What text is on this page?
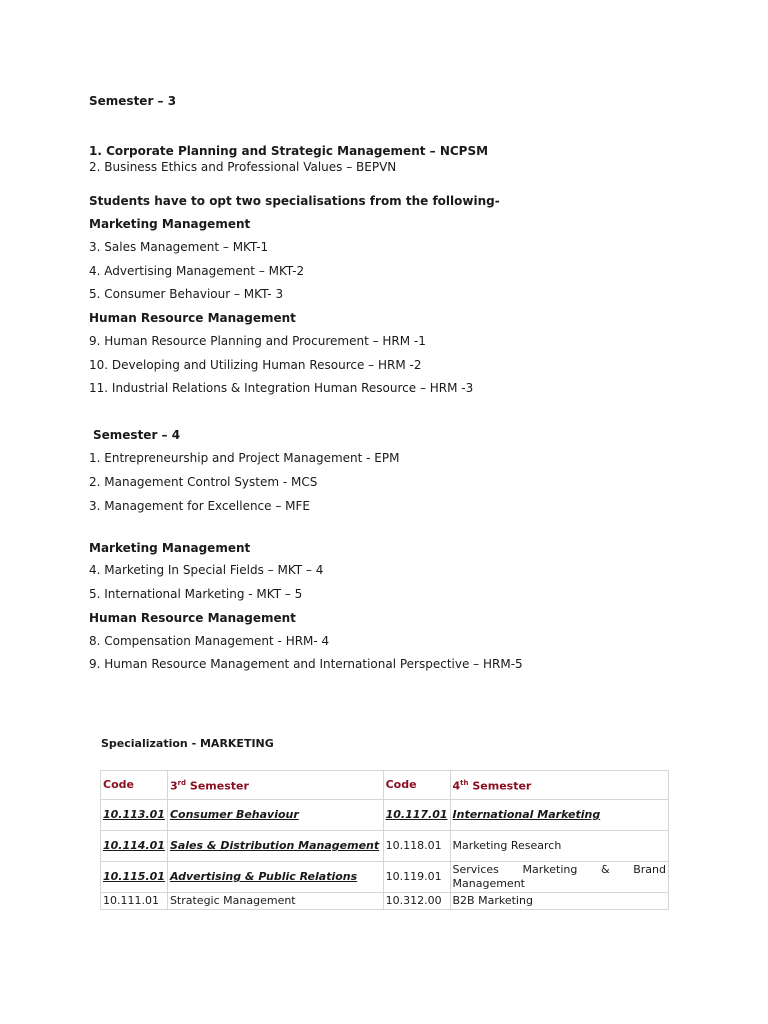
Semester – 3
1. Corporate Planning and Strategic Management – NCPSM
2. Business Ethics and Professional Values – BEPVN
Students have to opt two specialisations from the following-
Marketing Management
3. Sales Management – MKT-1
4. Advertising Management – MKT-2
5. Consumer Behaviour – MKT- 3
Human Resource Management
9. Human Resource Planning and Procurement – HRM -1
10. Developing and Utilizing Human Resource – HRM -2
11. Industrial Relations & Integration Human Resource – HRM -3
Semester – 4
1. Entrepreneurship and Project Management - EPM
2. Management Control System - MCS
3. Management for Excellence – MFE
Marketing Management
4. Marketing In Special Fields – MKT – 4
5. International Marketing - MKT – 5
Human Resource Management
8. Compensation Management - HRM- 4
9. Human Resource Management and International Perspective – HRM-5
Specialization - MARKETING
Code	3rd Semester	Code	4th Semester
10.113.01	Consumer Behaviour	10.117.01	International Marketing
10.114.01	Sales & Distribution Management	10.118.01	Marketing Research
10.115.01	Advertising & Public Relations	10.119.01	Services Marketing & Brand
Management

10.111.01	Strategic Management	10.312.00	B2B Marketing
